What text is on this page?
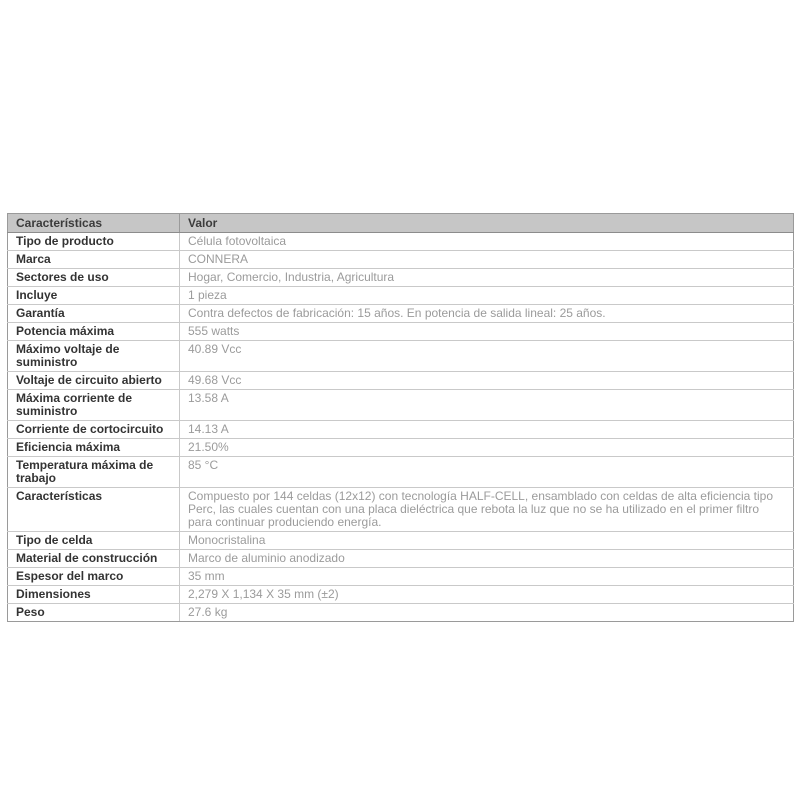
Características	Valor
Tipo de producto	Célula fotovoltaica
Marca	CONNERA
Sectores de uso	Hogar, Comercio, Industria, Agricultura
Incluye	1 pieza
Garantía	Contra defectos de fabricación: 15 años. En potencia de salida lineal: 25 años.
Potencia máxima	555 watts
Máximo voltaje de suministro	40.89 Vcc
Voltaje de circuito abierto	49.68 Vcc
Máxima corriente de suministro	13.58 A
Corriente de cortocircuito	14.13 A
Eficiencia máxima	21.50%
Temperatura máxima de trabajo	85 °C
Características	Compuesto por 144 celdas (12x12) con tecnología HALF-CELL, ensamblado con celdas de alta eficiencia tipo Perc, las cuales cuentan con una placa dieléctrica que rebota la luz que no se ha utilizado en el primer filtro para continuar produciendo energía.
Tipo de celda	Monocristalina
Material de construcción	Marco de aluminio anodizado
Espesor del marco	35 mm
Dimensiones	2,279 X 1,134 X 35 mm (±2)
Peso	27.6 kg
